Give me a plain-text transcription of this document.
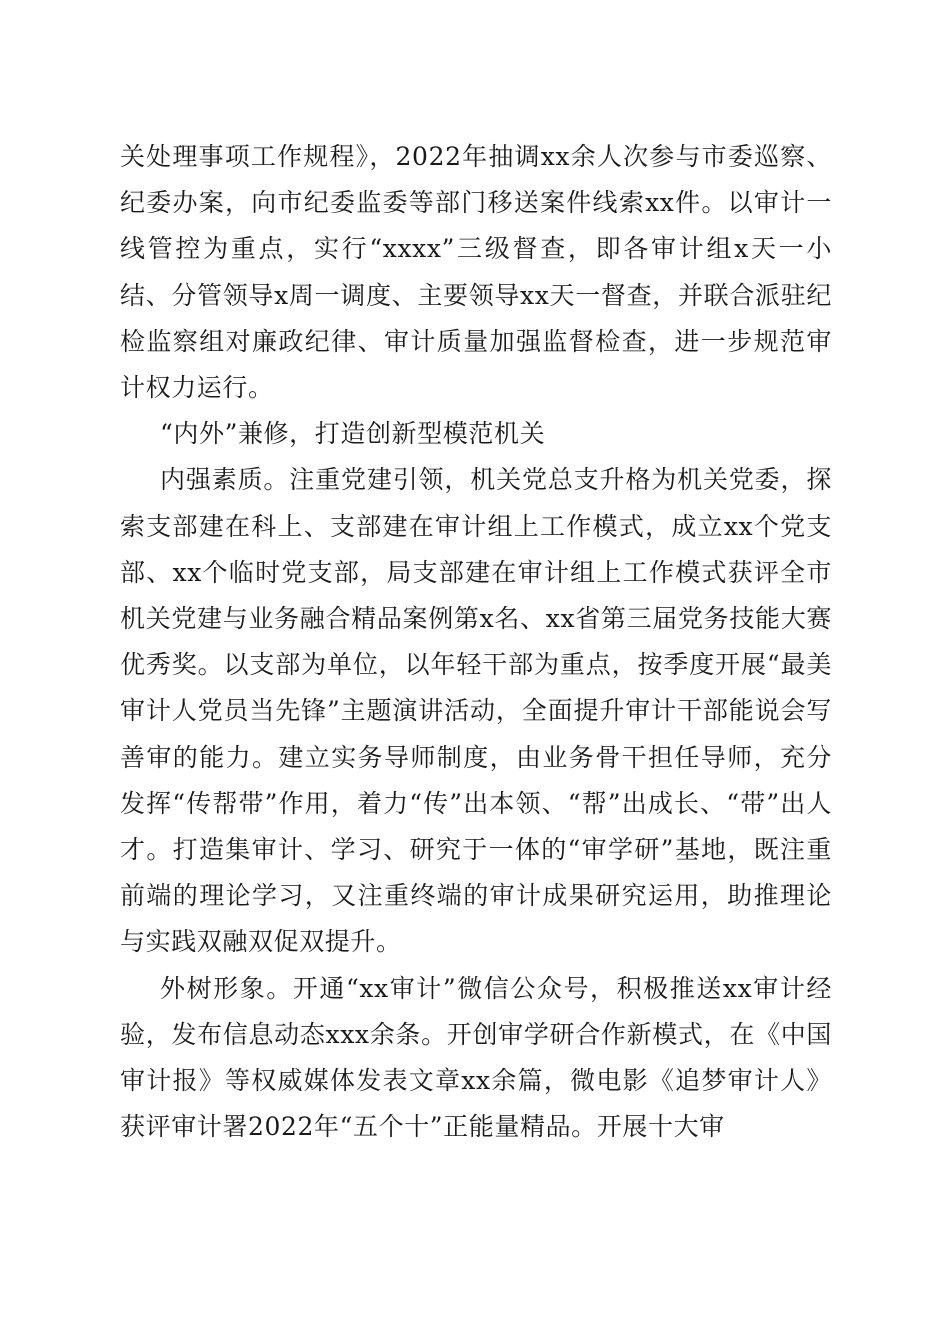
关处理事项工作规程》，2022年抽调xx余人次参与市委巡察、纪委办案，向市纪委监委等部门移送案件线索xx件。以审计一线管控为重点，实行“xxxx”三级督查，即各审计组x天一小结、分管领导x周一调度、主要领导xx天一督查，并联合派驻纪检监察组对廉政纪律、审计质量加强监督检查，进一步规范审计权力运行。

“内外”兼修，打造创新型模范机关

内强素质。注重党建引领，机关党总支升格为机关党委，探索支部建在科上、支部建在审计组上工作模式，成立xx个党支部、xx个临时党支部，局支部建在审计组上工作模式获评全市机关党建与业务融合精品案例第x名、xx省第三届党务技能大赛优秀奖。以支部为单位，以年轻干部为重点，按季度开展“最美审计人党员当先锋”主题演讲活动，全面提升审计干部能说会写善审的能力。建立实务导师制度，由业务骨干担任导师，充分发挥“传帮带”作用，着力“传”出本领、“帮”出成长、“带”出人才。打造集审计、学习、研究于一体的“审学研”基地，既注重前端的理论学习，又注重终端的审计成果研究运用，助推理论与实践双融双促双提升。

外树形象。开通“xx审计”微信公众号，积极推送xx审计经验，发布信息动态xxx余条。开创审学研合作新模式，在《中国审计报》等权威媒体发表文章xx余篇，微电影《追梦审计人》获评审计署2022年“五个十”正能量精品。开展十大审
